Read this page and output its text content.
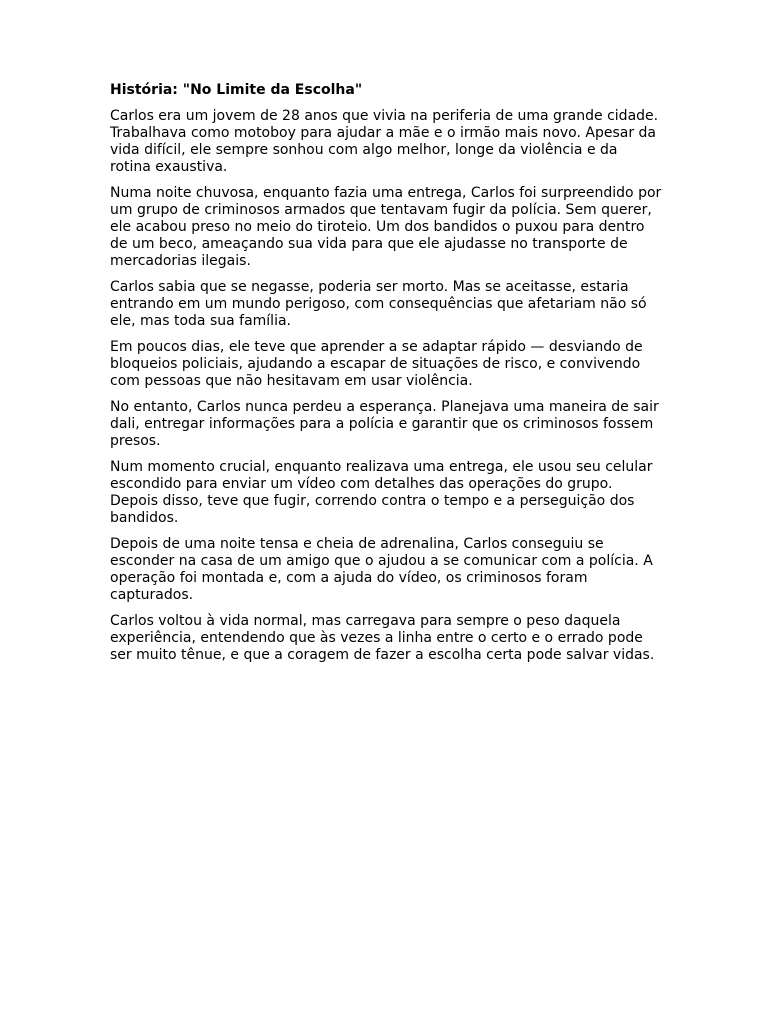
História: "No Limite da Escolha"

Carlos era um jovem de 28 anos que vivia na periferia de uma grande cidade. Trabalhava como motoboy para ajudar a mãe e o irmão mais novo. Apesar da vida difícil, ele sempre sonhou com algo melhor, longe da violência e da rotina exaustiva.

Numa noite chuvosa, enquanto fazia uma entrega, Carlos foi surpreendido por um grupo de criminosos armados que tentavam fugir da polícia. Sem querer, ele acabou preso no meio do tiroteio. Um dos bandidos o puxou para dentro de um beco, ameaçando sua vida para que ele ajudasse no transporte de mercadorias ilegais.

Carlos sabia que se negasse, poderia ser morto. Mas se aceitasse, estaria entrando em um mundo perigoso, com consequências que afetariam não só ele, mas toda sua família.

Em poucos dias, ele teve que aprender a se adaptar rápido — desviando de bloqueios policiais, ajudando a escapar de situações de risco, e convivendo com pessoas que não hesitavam em usar violência.

No entanto, Carlos nunca perdeu a esperança. Planejava uma maneira de sair dali, entregar informações para a polícia e garantir que os criminosos fossem presos.

Num momento crucial, enquanto realizava uma entrega, ele usou seu celular escondido para enviar um vídeo com detalhes das operações do grupo. Depois disso, teve que fugir, correndo contra o tempo e a perseguição dos bandidos.

Depois de uma noite tensa e cheia de adrenalina, Carlos conseguiu se esconder na casa de um amigo que o ajudou a se comunicar com a polícia. A operação foi montada e, com a ajuda do vídeo, os criminosos foram capturados.

Carlos voltou à vida normal, mas carregava para sempre o peso daquela experiência, entendendo que às vezes a linha entre o certo e o errado pode ser muito tênue, e que a coragem de fazer a escolha certa pode salvar vidas.
